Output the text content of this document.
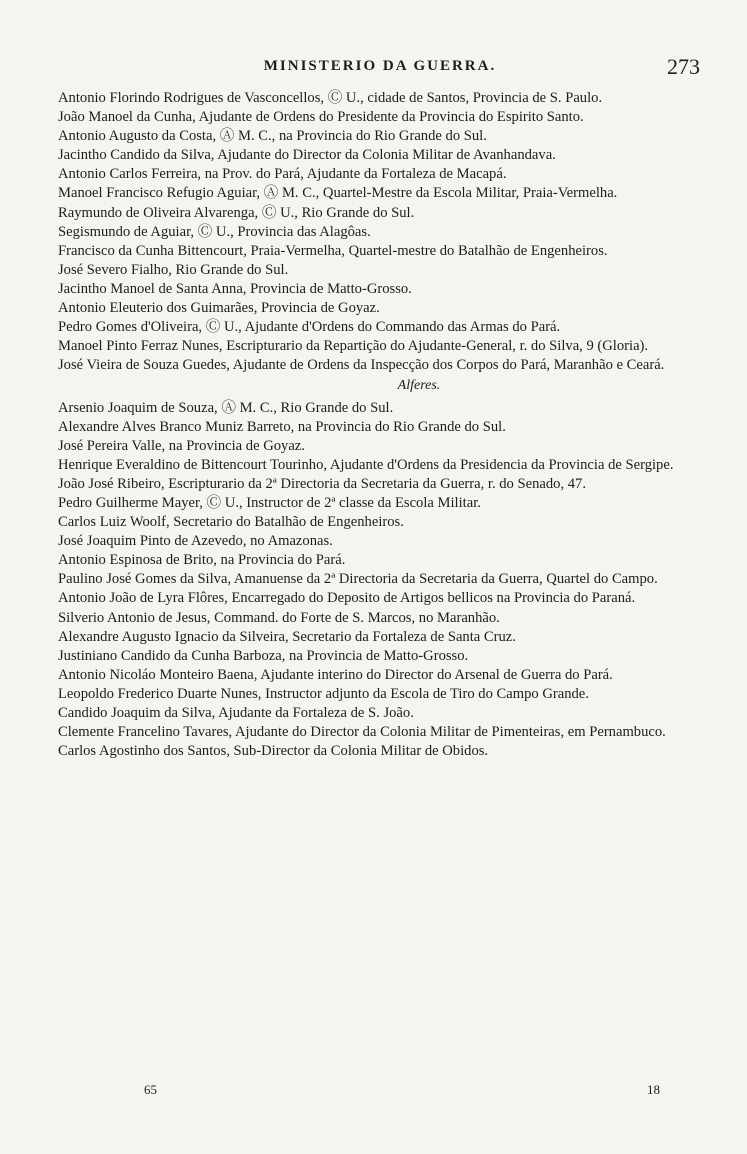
MINISTERIO DA GUERRA.	273
Antonio Florindo Rodrigues de Vasconcellos, Ⓒ U., cidade de Santos, Provincia de S. Paulo.
João Manoel da Cunha, Ajudante de Ordens do Presidente da Provincia do Espirito Santo.
Antonio Augusto da Costa, Ⓐ M. C., na Provincia do Rio Grande do Sul.
Jacintho Candido da Silva, Ajudante do Director da Colonia Militar de Avanhandava.
Antonio Carlos Ferreira, na Prov. do Pará, Ajudante da Fortaleza de Macapá.
Manoel Francisco Refugio Aguiar, Ⓐ M. C., Quartel-Mestre da Escola Militar, Praia-Vermelha.
Raymundo de Oliveira Alvarenga, Ⓒ U., Rio Grande do Sul.
Segismundo de Aguiar, Ⓒ U., Provincia das Alagôas.
Francisco da Cunha Bittencourt, Praia-Vermelha, Quartel-mestre do Batalhão de Engenheiros.
José Severo Fialho, Rio Grande do Sul.
Jacintho Manoel de Santa Anna, Provincia de Matto-Grosso.
Antonio Eleuterio dos Guimarães, Provincia de Goyaz.
Pedro Gomes d'Oliveira, Ⓒ U., Ajudante d'Ordens do Commando das Armas do Pará.
Manoel Pinto Ferraz Nunes, Escripturario da Repartição do Ajudante-General, r. do Silva, 9 (Gloria).
José Vieira de Souza Guedes, Ajudante de Ordens da Inspecção dos Corpos do Pará, Maranhão e Ceará.
Alferes.
Arsenio Joaquim de Souza, Ⓐ M. C., Rio Grande do Sul.
Alexandre Alves Branco Muniz Barreto, na Provincia do Rio Grande do Sul.
José Pereira Valle, na Provincia de Goyaz.
Henrique Everaldino de Bittencourt Tourinho, Ajudante d'Ordens da Presidencia da Provincia de Sergipe.
João José Ribeiro, Escripturario da 2ª Directoria da Secretaria da Guerra, r. do Senado, 47.
Pedro Guilherme Mayer, Ⓒ U., Instructor de 2ª classe da Escola Militar.
Carlos Luiz Woolf, Secretario do Batalhão de Engenheiros.
José Joaquim Pinto de Azevedo, no Amazonas.
Antonio Espinosa de Brito, na Provincia do Pará.
Paulino José Gomes da Silva, Amanuense da 2ª Directoria da Secretaria da Guerra, Quartel do Campo.
Antonio João de Lyra Flôres, Encarregado do Deposito de Artigos bellicos na Provincia do Paraná.
Silverio Antonio de Jesus, Command. do Forte de S. Marcos, no Maranhão.
Alexandre Augusto Ignacio da Silveira, Secretario da Fortaleza de Santa Cruz.
Justiniano Candido da Cunha Barboza, na Provincia de Matto-Grosso.
Antonio Nicoláo Monteiro Baena, Ajudante interino do Director do Arsenal de Guerra do Pará.
Leopoldo Frederico Duarte Nunes, Instructor adjunto da Escola de Tiro do Campo Grande.
Candido Joaquim da Silva, Ajudante da Fortaleza de S. João.
Clemente Francelino Tavares, Ajudante do Director da Colonia Militar de Pimenteiras, em Pernambuco.
Carlos Agostinho dos Santos, Sub-Director da Colonia Militar de Obidos.
65	18
